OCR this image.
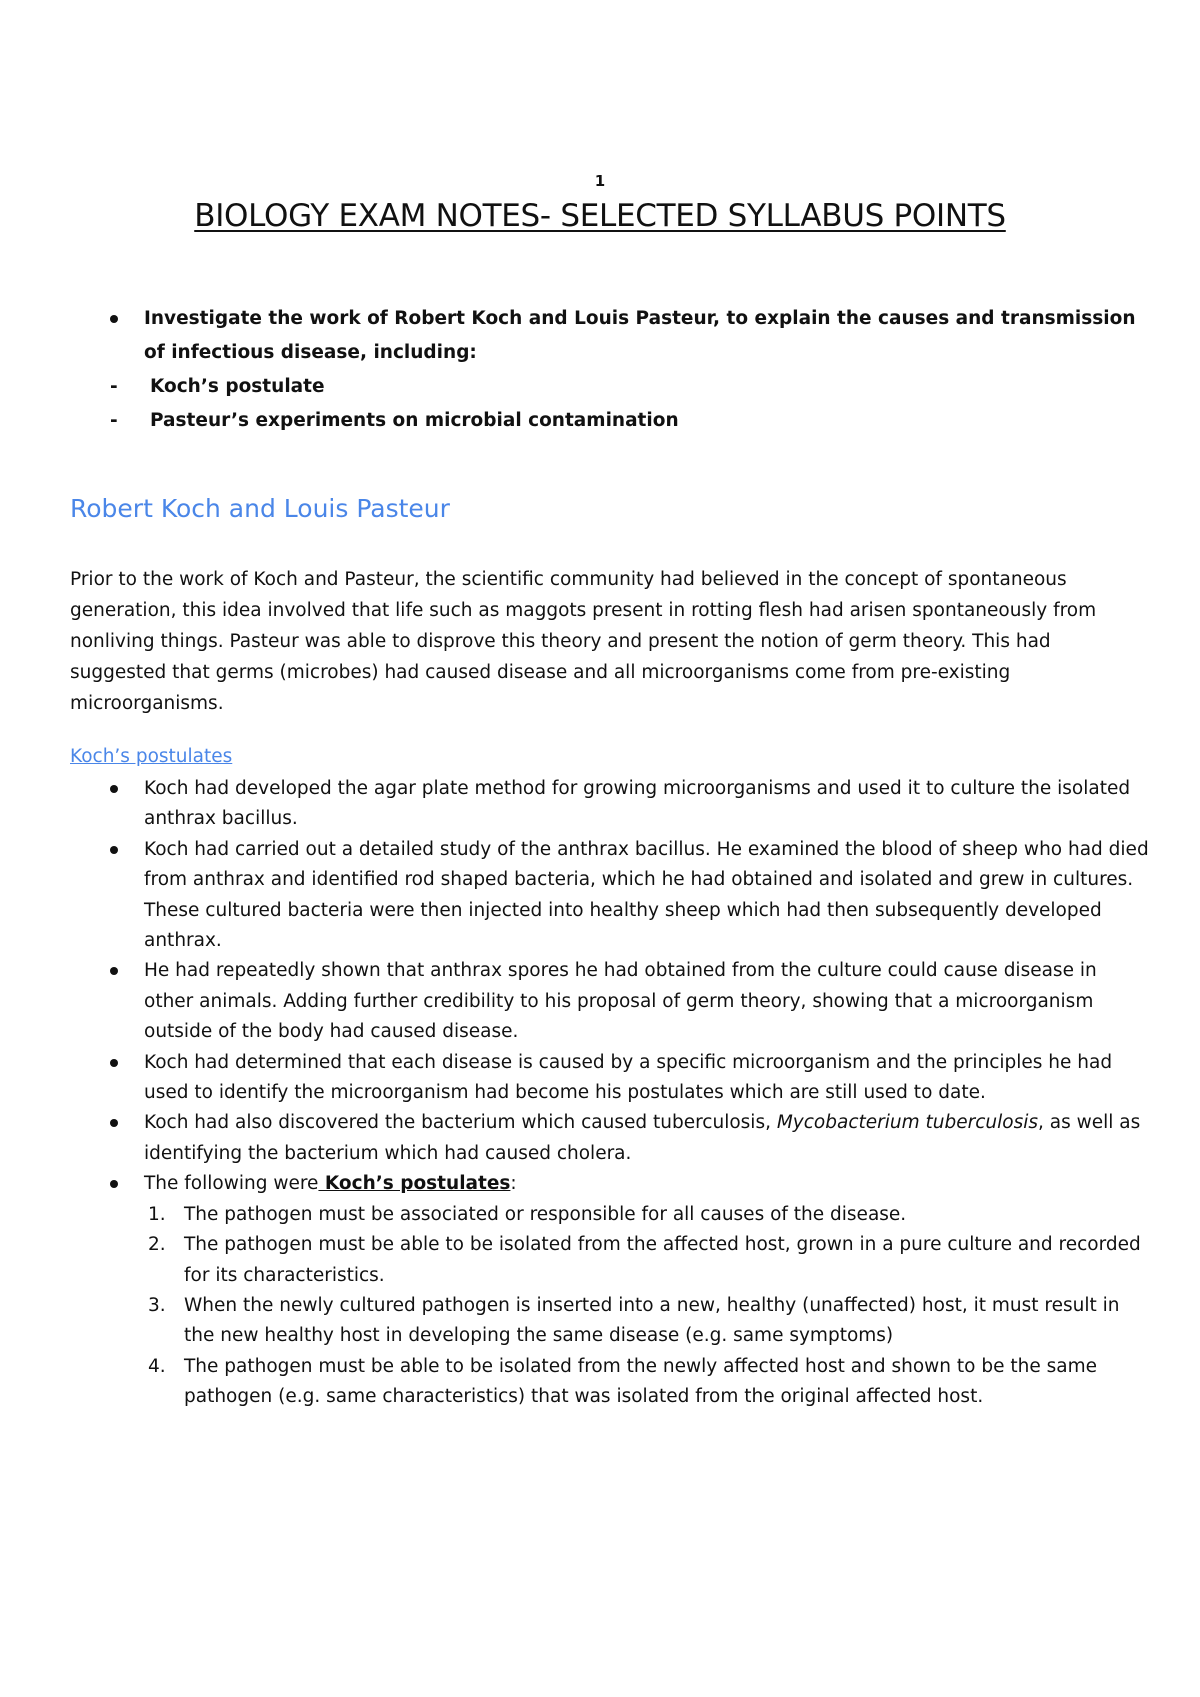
1
BIOLOGY EXAM NOTES- SELECTED SYLLABUS POINTS
Investigate the work of Robert Koch and Louis Pasteur, to explain the causes and transmission of infectious disease, including:
- Koch’s postulate
- Pasteur’s experiments on microbial contamination
Robert Koch and Louis Pasteur
Prior to the work of Koch and Pasteur, the scientific community had believed in the concept of spontaneous generation, this idea involved that life such as maggots present in rotting flesh had arisen spontaneously from nonliving things. Pasteur was able to disprove this theory and present the notion of germ theory. This had suggested that germs (microbes) had caused disease and all microorganisms come from pre-existing microorganisms.
Koch’s postulates
Koch had developed the agar plate method for growing microorganisms and used it to culture the isolated anthrax bacillus.
Koch had carried out a detailed study of the anthrax bacillus. He examined the blood of sheep who had died from anthrax and identified rod shaped bacteria, which he had obtained and isolated and grew in cultures. These cultured bacteria were then injected into healthy sheep which had then subsequently developed anthrax.
He had repeatedly shown that anthrax spores he had obtained from the culture could cause disease in other animals. Adding further credibility to his proposal of germ theory, showing that a microorganism outside of the body had caused disease.
Koch had determined that each disease is caused by a specific microorganism and the principles he had used to identify the microorganism had become his postulates which are still used to date.
Koch had also discovered the bacterium which caused tuberculosis, Mycobacterium tuberculosis, as well as identifying the bacterium which had caused cholera.
The following were Koch’s postulates:
1. The pathogen must be associated or responsible for all causes of the disease.
2. The pathogen must be able to be isolated from the affected host, grown in a pure culture and recorded for its characteristics.
3. When the newly cultured pathogen is inserted into a new, healthy (unaffected) host, it must result in the new healthy host in developing the same disease (e.g. same symptoms)
4. The pathogen must be able to be isolated from the newly affected host and shown to be the same pathogen (e.g. same characteristics) that was isolated from the original affected host.
